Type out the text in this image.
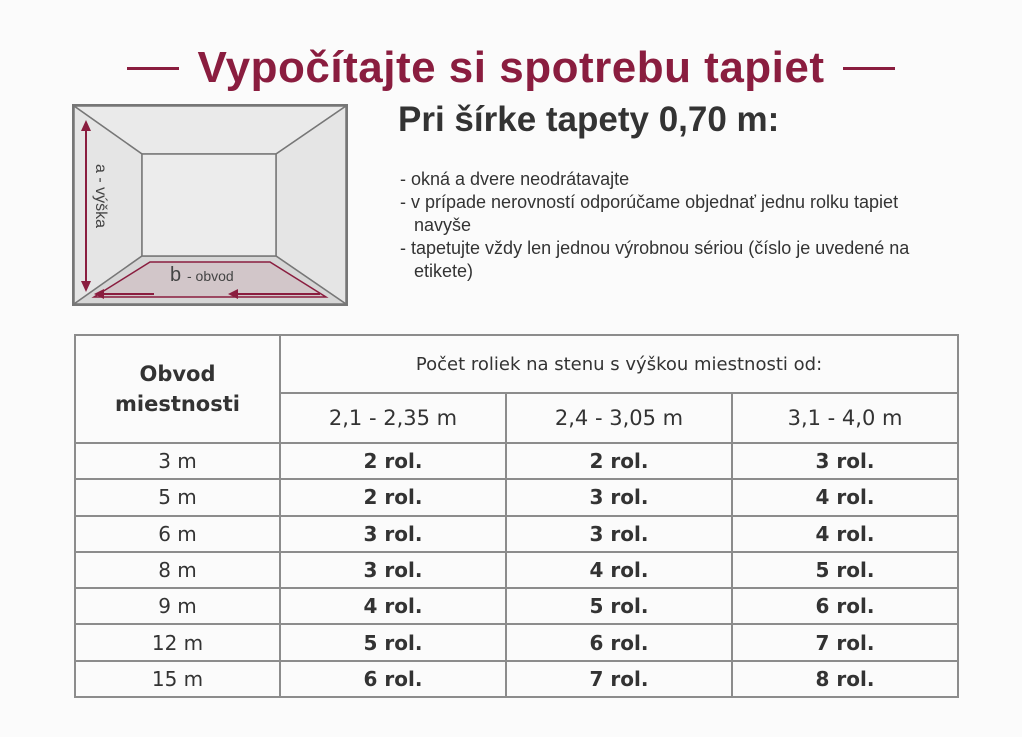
Vypočítajte si spotrebu tapiet
a - výška
b - obvod
Pri šírke tapety 0,70 m:
- okná a dvere neodrátavajte
- v prípade nerovností odporúčame objednať jednu rolku tapiet navyše
- tapetujte vždy len jednou výrobnou sériou (číslo je uvedené na etikete)
Obvod
miestnosti	Počet roliek na stenu s výškou miestnosti od:		
	2,1 - 2,35 m	2,4 - 3,05 m	3,1 - 4,0 m
3 m	2 rol.	2 rol.	3 rol.
5 m	2 rol.	3 rol.	4 rol.
6 m	3 rol.	3 rol.	4 rol.
8 m	3 rol.	4 rol.	5 rol.
9 m	4 rol.	5 rol.	6 rol.
12 m	5 rol.	6 rol.	7 rol.
15 m	6 rol.	7 rol.	8 rol.
